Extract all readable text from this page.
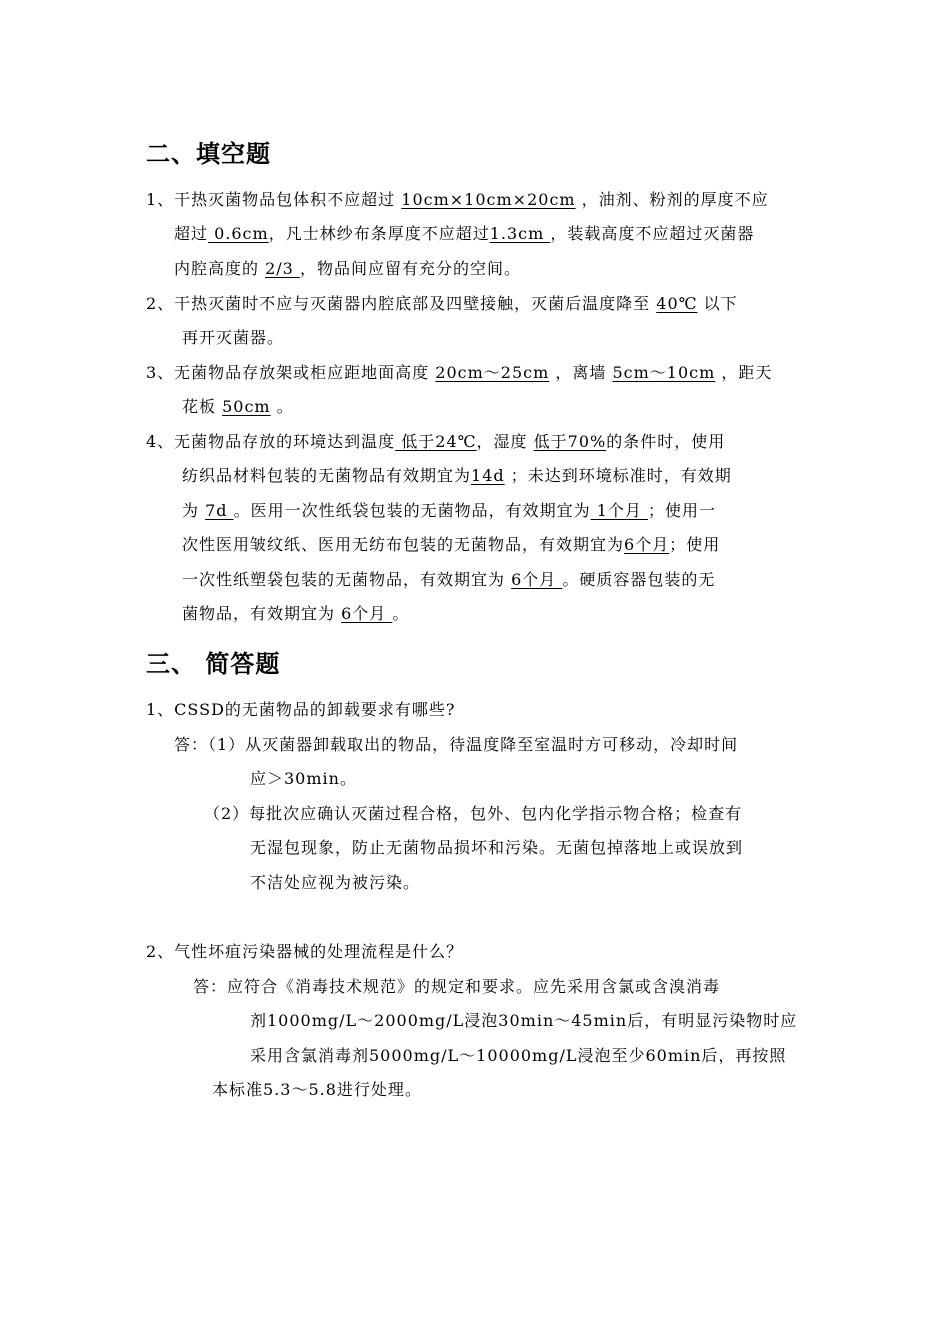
二、填空题
1、干热灭菌物品包体积不应超过 10cm×10cm×20cm ，油剂、粉剂的厚度不应
超过 0.6cm，凡士林纱布条厚度不应超过1.3cm ，装载高度不应超过灭菌器
内腔高度的 2/3 ，物品间应留有充分的空间。
2、干热灭菌时不应与灭菌器内腔底部及四壁接触，灭菌后温度降至 40℃ 以下
再开灭菌器。
3、无菌物品存放架或柜应距地面高度 20cm～25cm ，离墙 5cm～10cm ，距天
花板 50cm 。
4、无菌物品存放的环境达到温度 低于24℃，湿度 低于70%的条件时，使用
纺织品材料包装的无菌物品有效期宜为14d ；未达到环境标准时，有效期
为 7d 。医用一次性纸袋包装的无菌物品，有效期宜为 1个月 ；使用一
次性医用皱纹纸、医用无纺布包装的无菌物品，有效期宜为6个月；使用
一次性纸塑袋包装的无菌物品，有效期宜为 6个月 。硬质容器包装的无
菌物品，有效期宜为 6个月 。
三、 简答题
1、CSSD的无菌物品的卸载要求有哪些?
答：（1）从灭菌器卸载取出的物品，待温度降至室温时方可移动，冷却时间
应＞30min。
（2）每批次应确认灭菌过程合格，包外、包内化学指示物合格；检查有
无湿包现象，防止无菌物品损坏和污染。无菌包掉落地上或误放到
不洁处应视为被污染。
2、气性坏疽污染器械的处理流程是什么？
答：应符合《消毒技术规范》的规定和要求。应先采用含氯或含溴消毒
剂1000mg/L～2000mg/L浸泡30min～45min后，有明显污染物时应
采用含氯消毒剂5000mg/L～10000mg/L浸泡至少60min后，再按照
本标准5.3～5.8进行处理。
